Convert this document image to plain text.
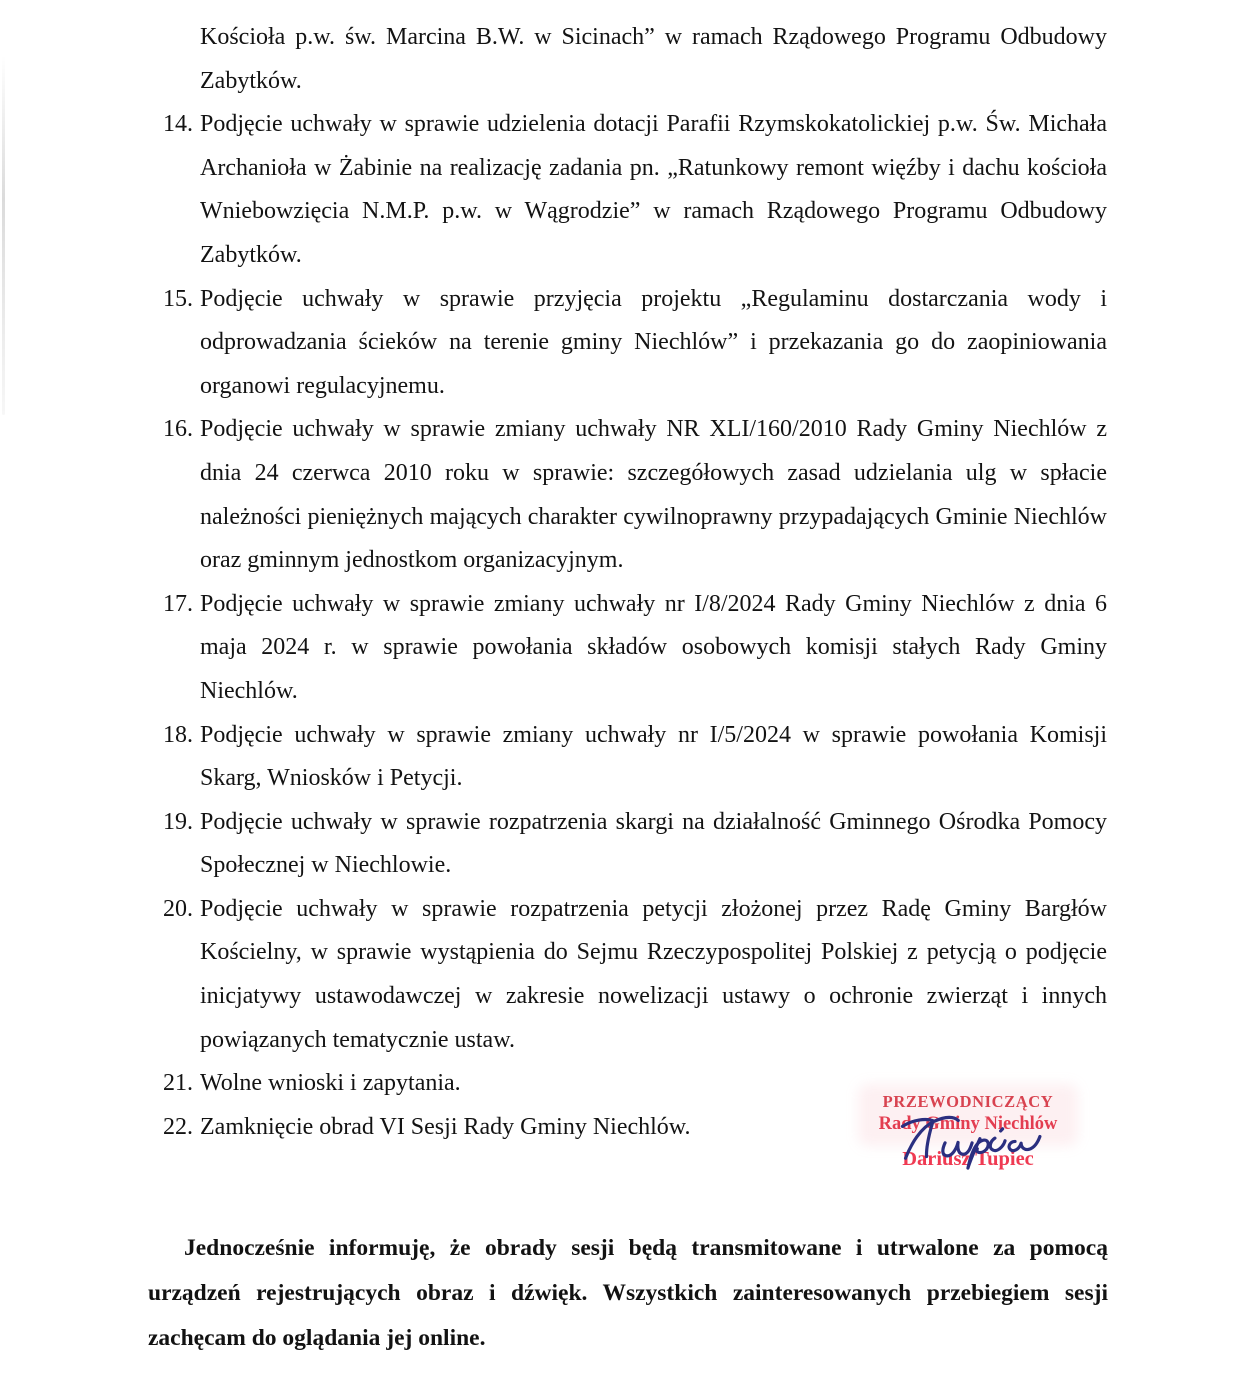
Kościoła p.w. św. Marcina B.W. w Sicinach” w ramach Rządowego Programu Odbudowy Zabytków.

14. Podjęcie uchwały w sprawie udzielenia dotacji Parafii Rzymskokatolickiej p.w. Św. Michała Archanioła w Żabinie na realizację zadania pn. „Ratunkowy remont więźby i dachu kościoła Wniebowzięcia N.M.P. p.w. w Wągrodzie” w ramach Rządowego Programu Odbudowy Zabytków.
15. Podjęcie uchwały w sprawie przyjęcia projektu „Regulaminu dostarczania wody i odprowadzania ścieków na terenie gminy Niechlów” i przekazania go do zaopiniowania organowi regulacyjnemu.
16. Podjęcie uchwały w sprawie zmiany uchwały NR XLI/160/2010 Rady Gminy Niechlów z dnia 24 czerwca 2010 roku w sprawie: szczegółowych zasad udzielania ulg w spłacie należności pieniężnych mających charakter cywilnoprawny przypadających Gminie Niechlów oraz gminnym jednostkom organizacyjnym.
17. Podjęcie uchwały w sprawie zmiany uchwały nr I/8/2024 Rady Gminy Niechlów z dnia 6 maja 2024 r. w sprawie powołania składów osobowych komisji stałych Rady Gminy Niechlów.
18. Podjęcie uchwały w sprawie zmiany uchwały nr I/5/2024 w sprawie powołania Komisji Skarg, Wniosków i Petycji.
19. Podjęcie uchwały w sprawie rozpatrzenia skargi na działalność Gminnego Ośrodka Pomocy Społecznej w Niechlowie.
20. Podjęcie uchwały w sprawie rozpatrzenia petycji złożonej przez Radę Gminy Bargłów Kościelny, w sprawie wystąpienia do Sejmu Rzeczypospolitej Polskiej z petycją o podjęcie inicjatywy ustawodawczej w zakresie nowelizacji ustawy o ochronie zwierząt i innych powiązanych tematycznie ustaw.
21. Wolne wnioski i zapytania.
22. Zamknięcie obrad VI Sesji Rady Gminy Niechlów.
PRZEWODNICZĄCY
Rady Gminy Niechlów
Dariusz Tupiec

Jednocześnie informuję, że obrady sesji będą transmitowane i utrwalone za pomocą urządzeń rejestrujących obraz i dźwięk. Wszystkich zainteresowanych przebiegiem sesji zachęcam do oglądania jej online.
